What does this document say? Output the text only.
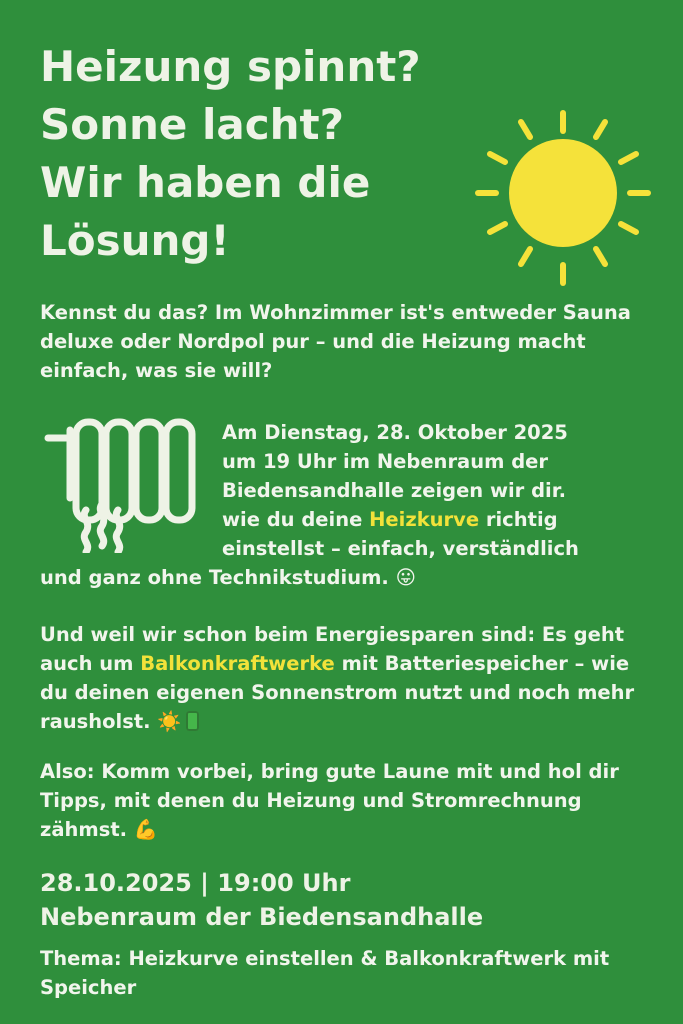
Heizung spinnt?
Sonne lacht?
Wir haben die
Lösung!
Kennst du das? Im Wohnzimmer ist's entweder Sauna deluxe oder Nordpol pur – und die Heizung macht einfach, was sie will?
Am Dienstag, 28. Oktober 2025
um 19 Uhr im Nebenraum der
Biedensandhalle zeigen wir dir.
wie du deine Heizkurve richtig
einstellst – einfach, verständlich
und ganz ohne Technikstudium. 😛
Und weil wir schon beim Energiesparen sind: Es geht auch um Balkonkraftwerke mit Batteriespeicher – wie du deinen eigenen Sonnenstrom nutzt und noch mehr rausholst. ☀️
Also: Komm vorbei, bring gute Laune mit und hol dir Tipps, mit denen du Heizung und Stromrechnung zähmst. 💪
28.10.2025 | 19:00 Uhr
Nebenraum der Biedensandhalle
Thema: Heizkurve einstellen & Balkonkraftwerk mit Speicher
